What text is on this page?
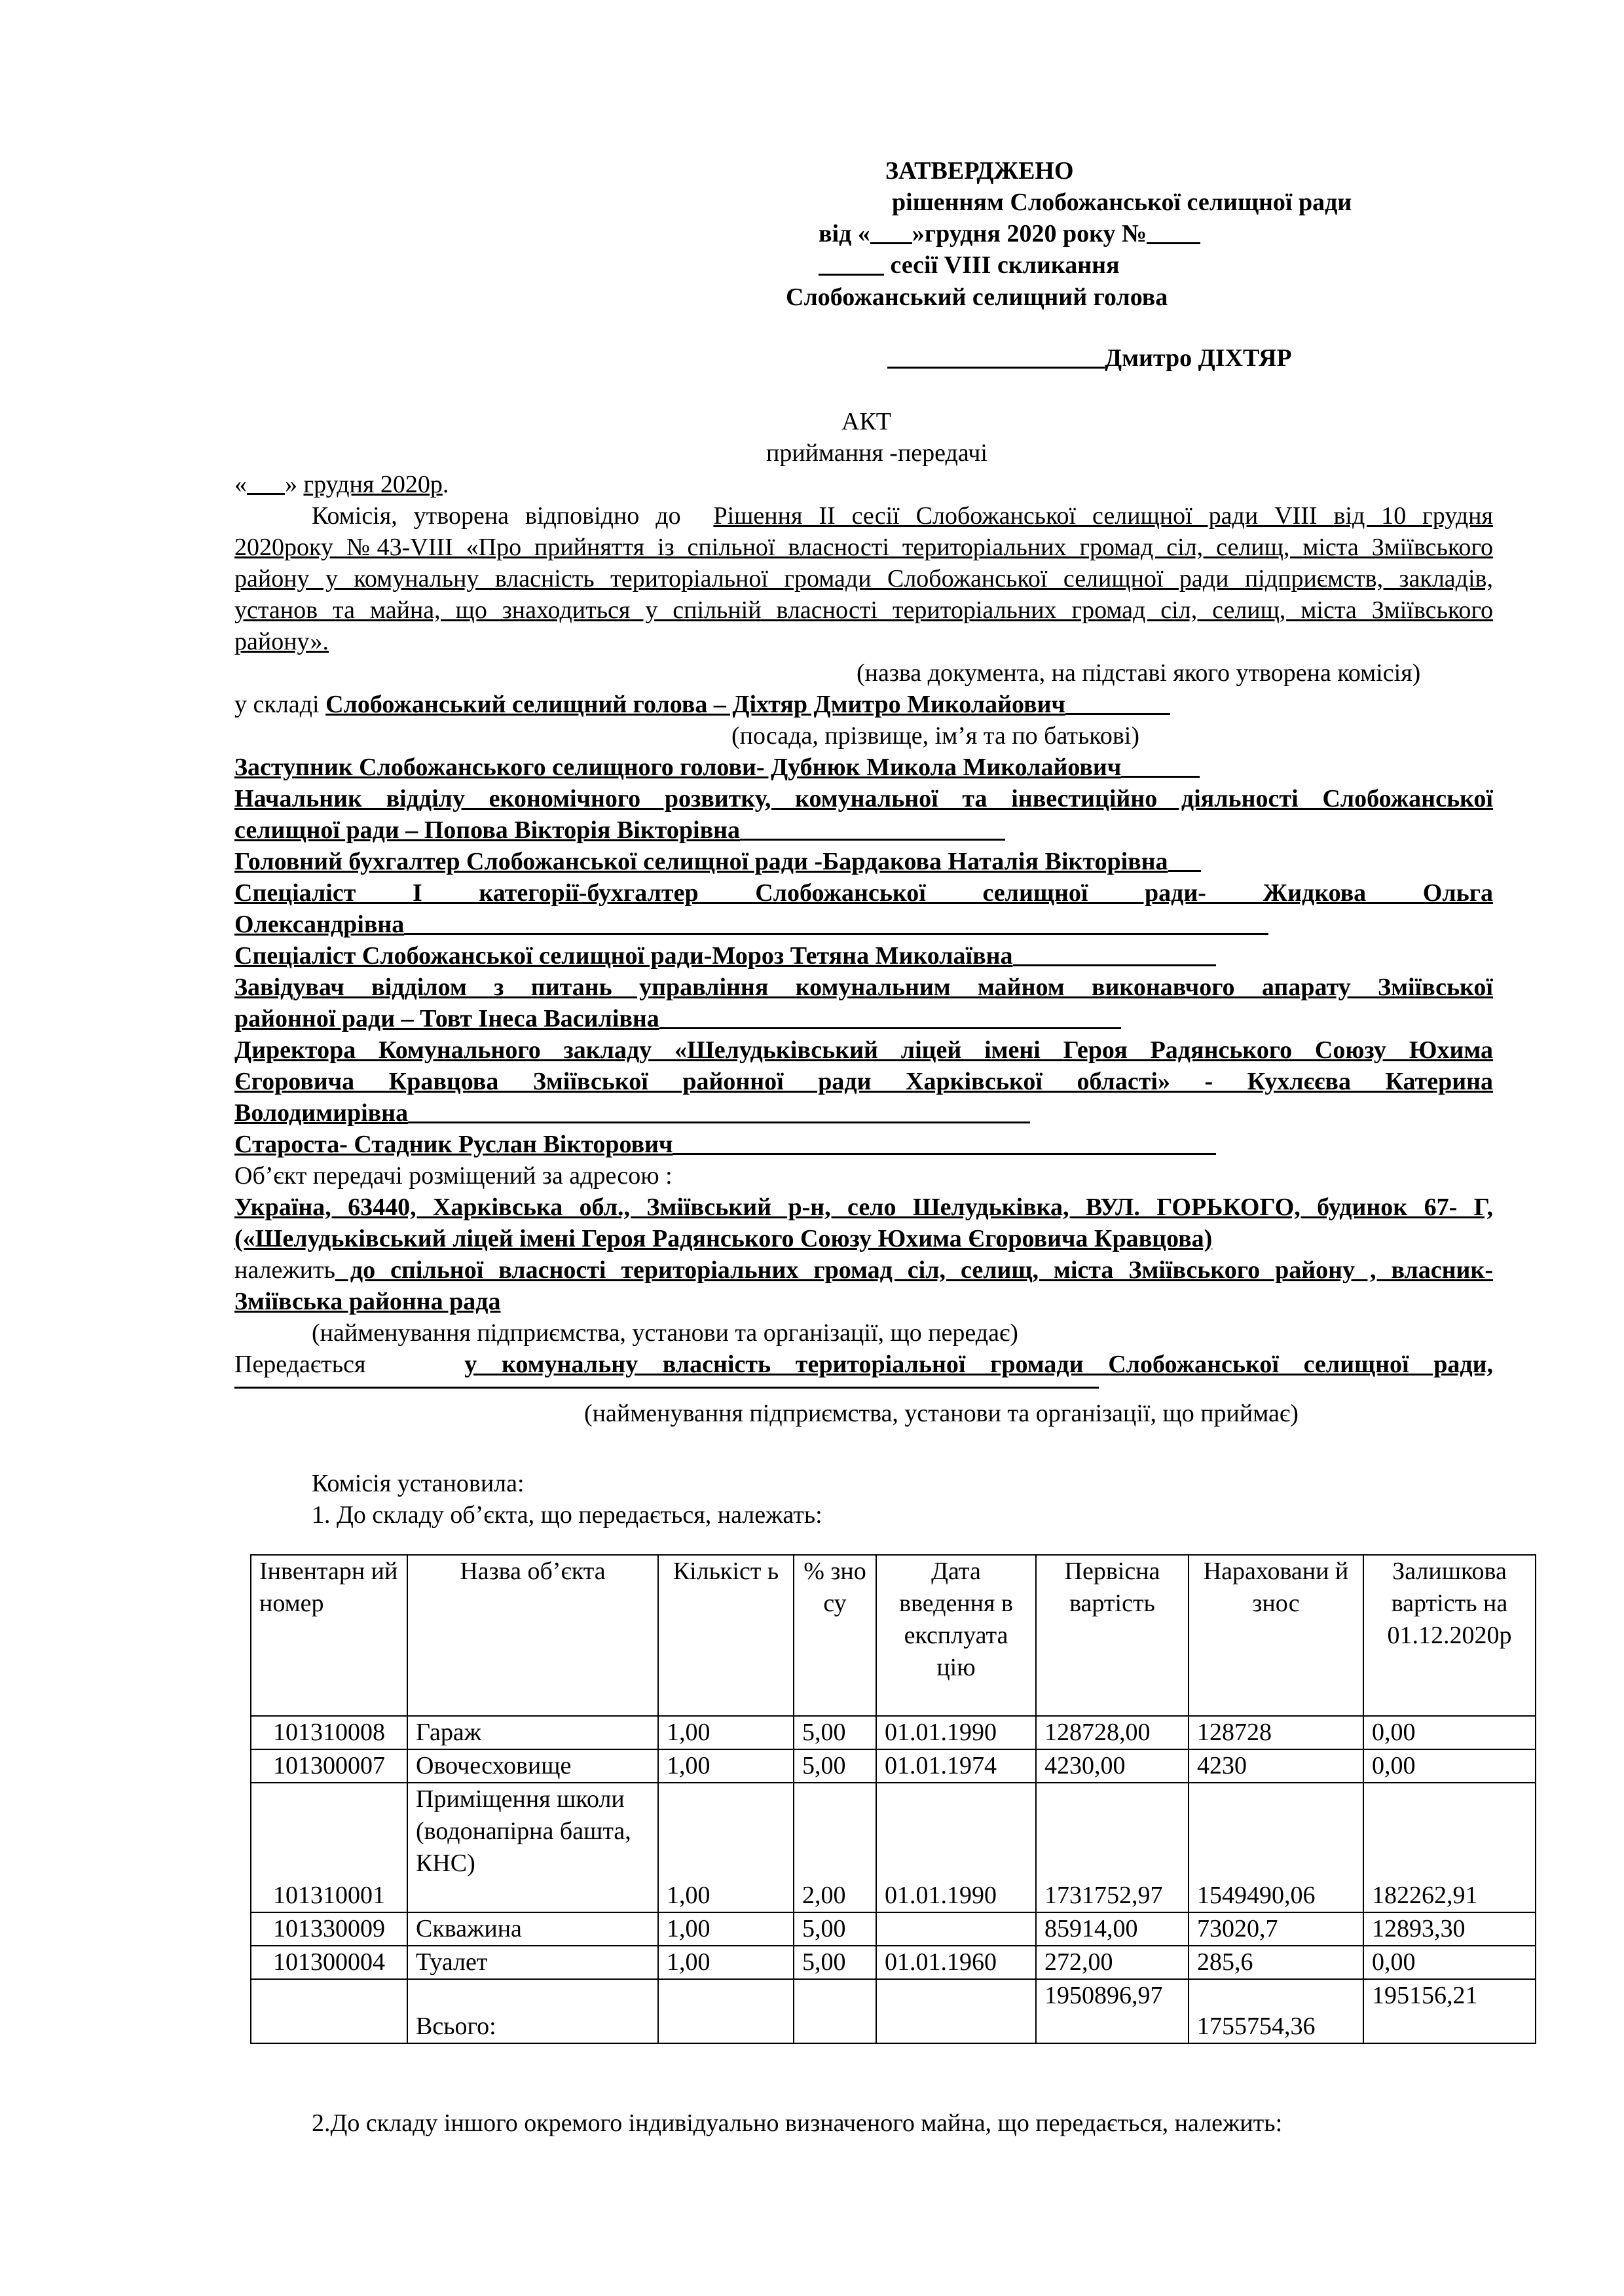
ЗАТВЕРДЖЕНО
рішенням Слобожанської селищної ради
від « »грудня 2020 року №
сесії VIII скликання
Слобожанський селищний голова
Дмитро ДІХТЯР
АКТ
приймання -передачі
« » грудня 2020р.
Комісія, утворена відповідно до Рішення ІІ сесії Слобожанської селищної ради VIII від 10 грудня
2020року №43-VIII «Про прийняття із спільної власності територіальних громад сіл, селищ, міста Зміївського
району у комунальну власність територіальної громади Слобожанської селищної ради підприємств, закладів,
установ та майна, що знаходиться у спільній власності територіальних громад сіл, селищ, міста Зміївського
району».
(назва документа, на підставі якого утворена комісія)
у складі Слобожанський селищний голова – Діхтяр Дмитро Миколайович
(посада, прізвище, ім’я та по батькові)
Заступник Слобожанського селищного голови- Дубнюк Микола Миколайович
Начальник відділу економічного розвитку, комунальної та інвестиційно діяльності Слобожанської
селищної ради – Попова Вікторія Вікторівна
Головний бухгалтер Слобожанської селищної ради -Бардакова Наталія Вікторівна
Спеціаліст І категорії-бухгалтер Слобожанської селищної ради- Жидкова Ольга
Олександрівна
Спеціаліст Слобожанської селищної ради-Мороз Тетяна Миколаївна
Завідувач відділом з питань управління комунальним майном виконавчого апарату Зміївської
районної ради – Товт Інеса Василівна
Директора Комунального закладу «Шелудьківський ліцей імені Героя Радянського Союзу Юхима
Єгоровича Кравцова Зміївської районної ради Харківської області» - Кухлєєва Катерина
Володимирівна
Староста- Стадник Руслан Вікторович
Об’єкт передачі розміщений за адресою :
Україна, 63440, Харківська обл., Зміївський р-н, село Шелудьківка, ВУЛ. ГОРЬКОГО, будинок 67- Г,
(«Шелудьківський ліцей імені Героя Радянського Союзу Юхима Єгоровича Кравцова)
належить до спільної власності територіальних громад сіл, селищ, міста Зміївського району , власник-
Зміївська районна рада
(найменування підприємства, установи та організації, що передає)
Передається	у комунальну власність територіальної громади Слобожанської селищної ради,
(найменування підприємства, установи та організації, що приймає)
Комісія установила:
1. До складу об’єкта, що передається, належать:
Інвентарн ий номер	Назва об’єкта	Кількіст ь	% зно су	Дата введення в експлуата цію	Первісна вартість	Нараховани й знос	Залишкова вартість на 01.12.2020р
101310008	Гараж	1,00	5,00	01.01.1990	128728,00	128728	0,00
101300007	Овочесховище	1,00	5,00	01.01.1974	4230,00	4230	0,00
101310001	Приміщення школи (водонапірна башта, КНС)	1,00	2,00	01.01.1990	1731752,97	1549490,06	182262,91
101330009	Скважина	1,00	5,00		85914,00	73020,7	12893,30
101300004	Туалет	1,00	5,00	01.01.1960	272,00	285,6	0,00
	Всього:				1950896,97	1755754,36	195156,21
2.До складу іншого окремого індивідуально визначеного майна, що передається, належить:
